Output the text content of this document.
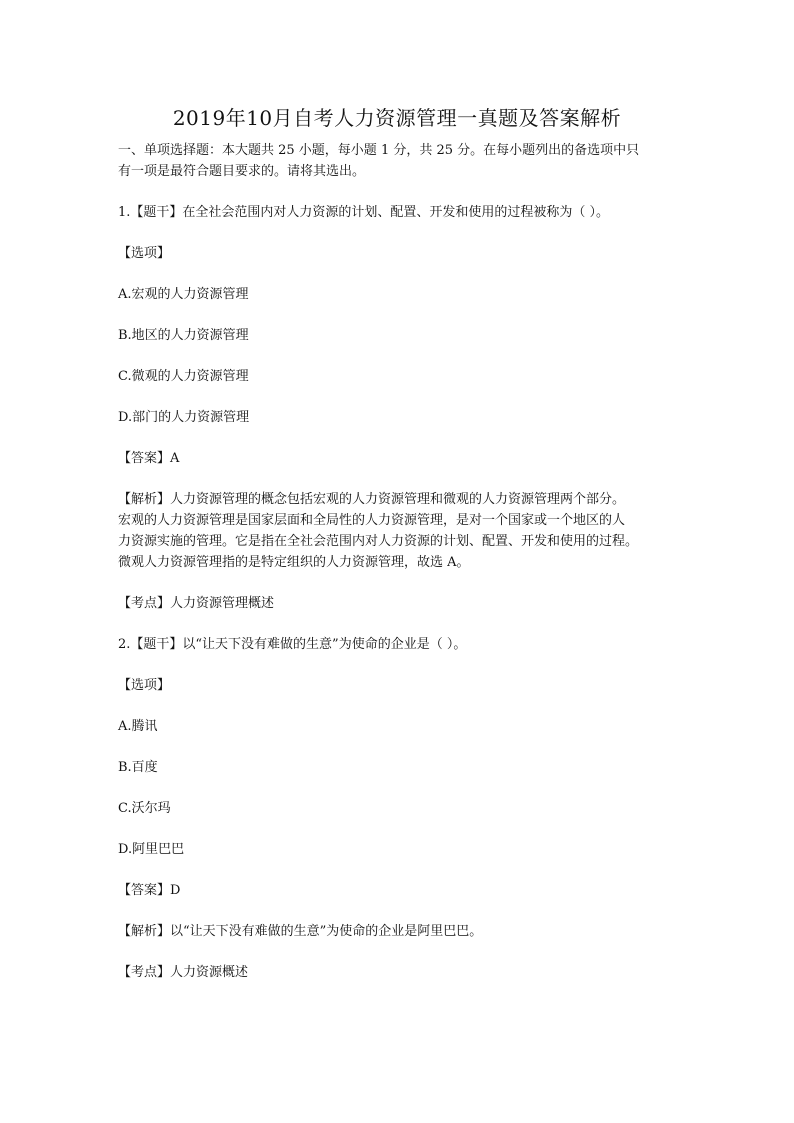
2019年10月自考人力资源管理一真题及答案解析

一、单项选择题：本大题共 25 小题，每小题 1 分，共 25 分。在每小题列出的备选项中只

有一项是最符合题目要求的。请将其选出。

1.【题干】在全社会范围内对人力资源的计划、配置、开发和使用的过程被称为（ ）。

【选项】

A.宏观的人力资源管理

B.地区的人力资源管理

C.微观的人力资源管理

D.部门的人力资源管理

【答案】A

【解析】人力资源管理的概念包括宏观的人力资源管理和微观的人力资源管理两个部分。

宏观的人力资源管理是国家层面和全局性的人力资源管理，是对一个国家或一个地区的人

力资源实施的管理。它是指在全社会范围内对人力资源的计划、配置、开发和使用的过程。

微观人力资源管理指的是特定组织的人力资源管理，故选 A。

【考点】人力资源管理概述

2.【题干】以“让天下没有难做的生意”为使命的企业是（ ）。

【选项】

A.腾讯

B.百度

C.沃尔玛

D.阿里巴巴

【答案】D

【解析】以“让天下没有难做的生意”为使命的企业是阿里巴巴。

【考点】人力资源概述
